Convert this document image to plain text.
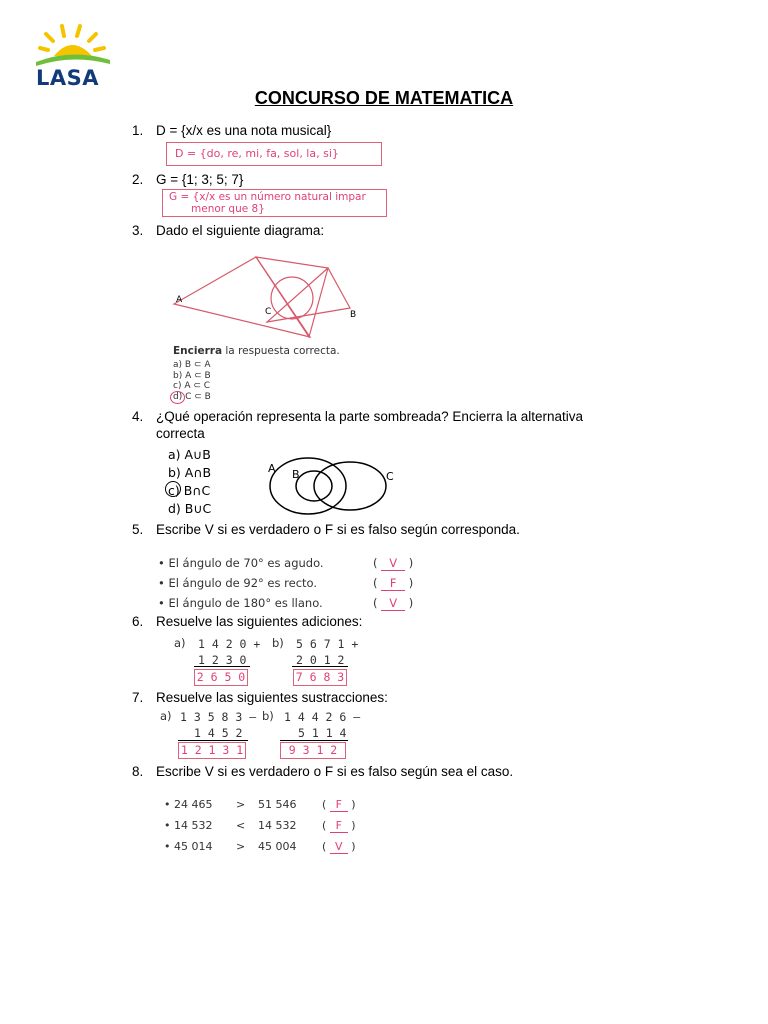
LASA
CONCURSO DE MATEMATICA
1. D = {x/x es una nota musical}
D = {do, re, mi, fa, sol, la, si}
2. G = {1; 3; 5; 7}
G = {x/x es un número natural impar
menor que 8}
3. Dado el siguiente diagrama:
A
B
C
Encierra la respuesta correcta.
a) B ⊂ A
b) A ⊂ B
c) A ⊂ C
d) C ⊂ B
4. ¿Qué operación representa la parte sombreada? Encierra la alternativa
correcta
a) A∪B
b) A∩B
c) B∩C
d) B∪C
A B	C
5. Escribe V si es verdadero o F si es falso según corresponda.
• El ángulo de 70° es agudo.	( V )
• El ángulo de 92° es recto.	( F )
• El ángulo de 180° es llano.	( V )
6. Resuelve las siguientes adiciones:
a) 1 4 2 0 +
1 2 3 0
2 6 5 0
b) 5 6 7 1 +
2 0 1 2
7 6 8 3
7. Resuelve las siguientes sustracciones:
a) 1 3 5 8 3 –
1 4 5 2
1 2 1 3 1
b) 1 4 4 2 6 –
5 1 1 4
9 3 1 2
8. Escribe V si es verdadero o F si es falso según sea el caso.
• 24 465 > 51 546 ( F )
• 14 532 < 14 532 ( F )
• 45 014 > 45 004 ( V )
